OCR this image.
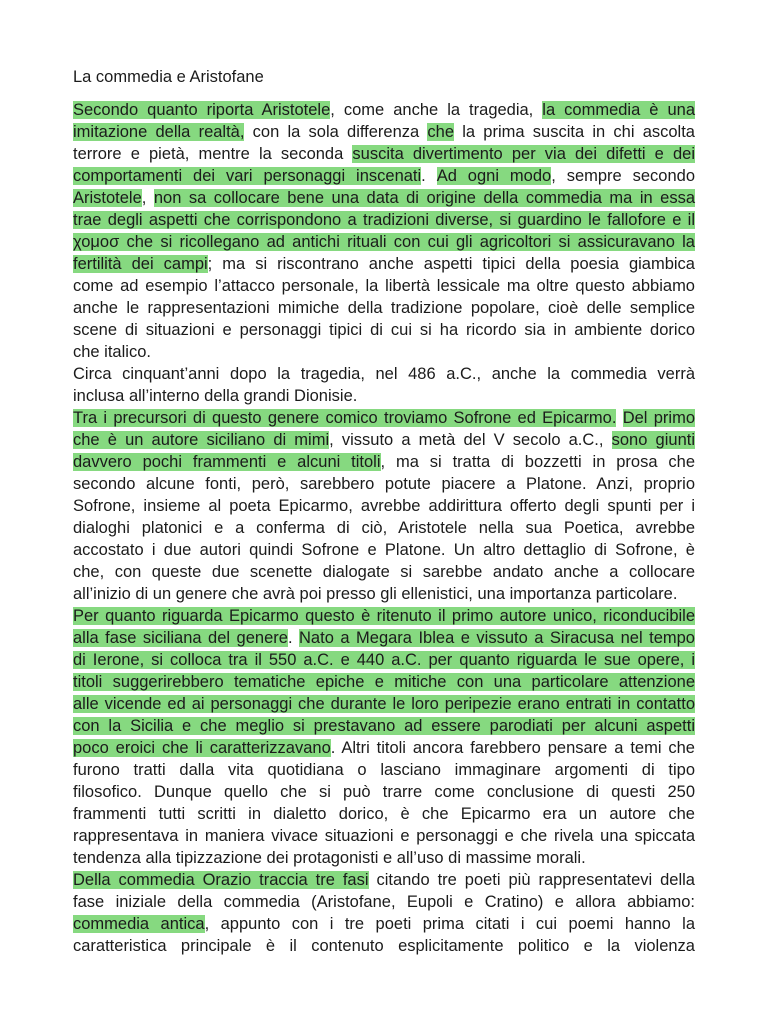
La commedia e Aristofane
Secondo quanto riporta Aristotele , come anche la tragedia, la commedia è una
imitazione della realtà, con la sola differenza che la prima suscita in chi ascolta
terrore e pietà, mentre la seconda suscita divertimento per via dei difetti e dei
comportamenti dei vari personaggi inscenati . Ad ogni modo , sempre secondo
Aristotele , non sa collocare bene una data di origine della commedia ma in essa
trae degli aspetti che corrispondono a tradizioni diverse, si guardino le fallofore e il
χομοσ che si ricollegano ad antichi rituali con cui gli agricoltori si assicuravano la
fertilità dei campi ; ma si riscontrano anche aspetti tipici della poesia giambica
come ad esempio l’attacco personale, la libertà lessicale ma oltre questo abbiamo
anche le rappresentazioni mimiche della tradizione popolare, cioè delle semplice
scene di situazioni e personaggi tipici di cui si ha ricordo sia in ambiente dorico
che italico.
Circa cinquant’anni dopo la tragedia, nel 486 a.C., anche la commedia verrà
inclusa all’interno della grandi Dionisie.
Tra i precursori di questo genere comico troviamo Sofrone ed Epicarmo.
Del primo
che è un autore siciliano di mimi , vissuto a metà del V secolo a.C., sono giunti
davvero pochi frammenti e alcuni titoli , ma si tratta di bozzetti in prosa che
secondo alcune fonti, però, sarebbero potute piacere a Platone. Anzi, proprio
Sofrone, insieme al poeta Epicarmo, avrebbe addirittura offerto degli spunti per i
dialoghi platonici e a conferma di ciò, Aristotele nella sua Poetica, avrebbe
accostato i due autori quindi Sofrone e Platone. Un altro dettaglio di Sofrone, è
che, con queste due scenette dialogate si sarebbe andato anche a collocare
all’inizio di un genere che avrà poi presso gli ellenistici, una importanza particolare.
Per quanto riguarda Epicarmo questo è ritenuto il primo autore unico, riconducibile
alla fase siciliana del genere . Nato a Megara Iblea e vissuto a Siracusa nel tempo
di Ierone, si colloca tra il 550 a.C. e 440 a.C. per quanto riguarda le sue opere, i
titoli suggerirebbero tematiche epiche e mitiche con una particolare attenzione
alle vicende ed ai personaggi che durante le loro peripezie erano entrati in contatto
con la Sicilia e che meglio si prestavano ad essere parodiati per alcuni aspetti
poco eroici che li caratterizzavano . Altri titoli ancora farebbero pensare a temi che
furono tratti dalla vita quotidiana o lasciano immaginare argomenti di tipo
filosofico. Dunque quello che si può trarre come conclusione di questi 250
frammenti tutti scritti in dialetto dorico, è che Epicarmo era un autore che
rappresentava in maniera vivace situazioni e personaggi e che rivela una spiccata
tendenza alla tipizzazione dei protagonisti e all’uso di massime morali.
Della commedia Orazio traccia tre fasi citando tre poeti più rappresentatevi della
fase iniziale della commedia (Aristofane, Eupoli e Cratino) e allora abbiamo:
commedia antica , appunto con i tre poeti prima citati i cui poemi hanno la
caratteristica principale è il contenuto esplicitamente politico e la violenza
